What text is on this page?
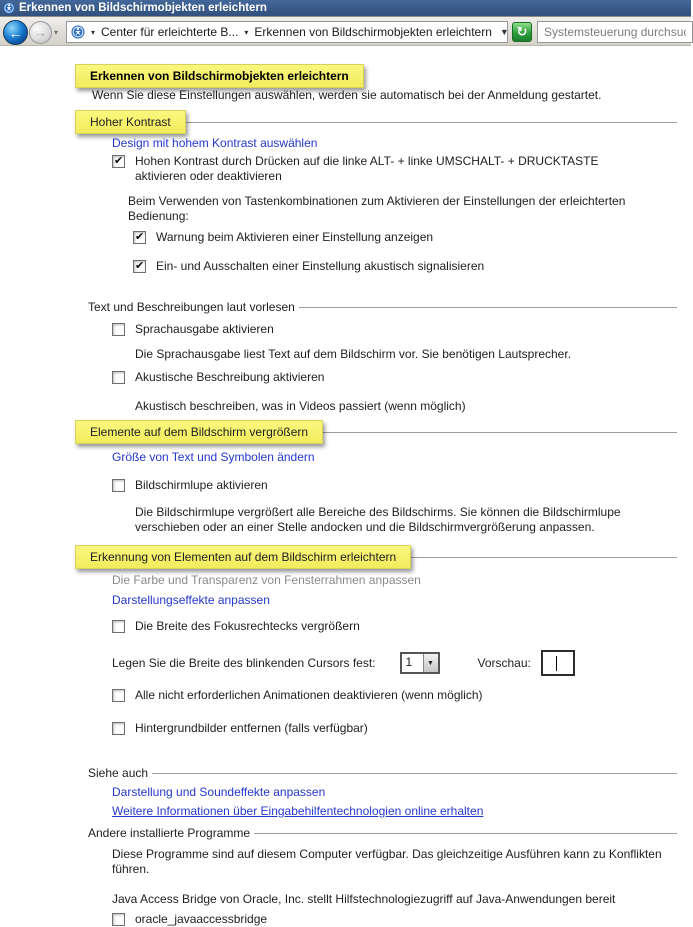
Erkennen von Bildschirmobjekten erleichtern
← → ▾	▾ Center für erleichterte B... ▾ Erkennen von Bildschirmobjekten erleichtern ▼ ↻
Systemsteuerung durchsuchen
Erkennen von Bildschirmobjekten erleichtern
Wenn Sie diese Einstellungen auswählen, werden sie automatisch bei der Anmeldung gestartet.
Hoher Kontrast
Design mit hohem Kontrast auswählen
✔
Hohen Kontrast durch Drücken auf die linke ALT- + linke UMSCHALT- + DRUCKTASTE aktivieren oder deaktivieren
Beim Verwenden von Tastenkombinationen zum Aktivieren der Einstellungen der erleichterten Bedienung:
✔
Warnung beim Aktivieren einer Einstellung anzeigen
✔
Ein- und Ausschalten einer Einstellung akustisch signalisieren
Text und Beschreibungen laut vorlesen
Sprachausgabe aktivieren
Die Sprachausgabe liest Text auf dem Bildschirm vor. Sie benötigen Lautsprecher.
Akustische Beschreibung aktivieren
Akustisch beschreiben, was in Videos passiert (wenn möglich)
Elemente auf dem Bildschirm vergrößern
Größe von Text und Symbolen ändern
Bildschirmlupe aktivieren
Die Bildschirmlupe vergrößert alle Bereiche des Bildschirms. Sie können die Bildschirmlupe verschieben oder an einer Stelle andocken und die Bildschirmvergrößerung anpassen.
Erkennung von Elementen auf dem Bildschirm erleichtern
Die Farbe und Transparenz von Fensterrahmen anpassen
Darstellungseffekte anpassen
Die Breite des Fokusrechtecks vergrößern
Legen Sie die Breite des blinkenden Cursors fest:	1	▼	Vorschau:
Alle nicht erforderlichen Animationen deaktivieren (wenn möglich)
Hintergrundbilder entfernen (falls verfügbar)
Siehe auch
Darstellung und Soundeffekte anpassen
Weitere Informationen über Eingabehilfentechnologien online erhalten
Andere installierte Programme
Diese Programme sind auf diesem Computer verfügbar. Das gleichzeitige Ausführen kann zu Konflikten führen.
Java Access Bridge von Oracle, Inc. stellt Hilfstechnologiezugriff auf Java-Anwendungen bereit
oracle_javaaccessbridge
